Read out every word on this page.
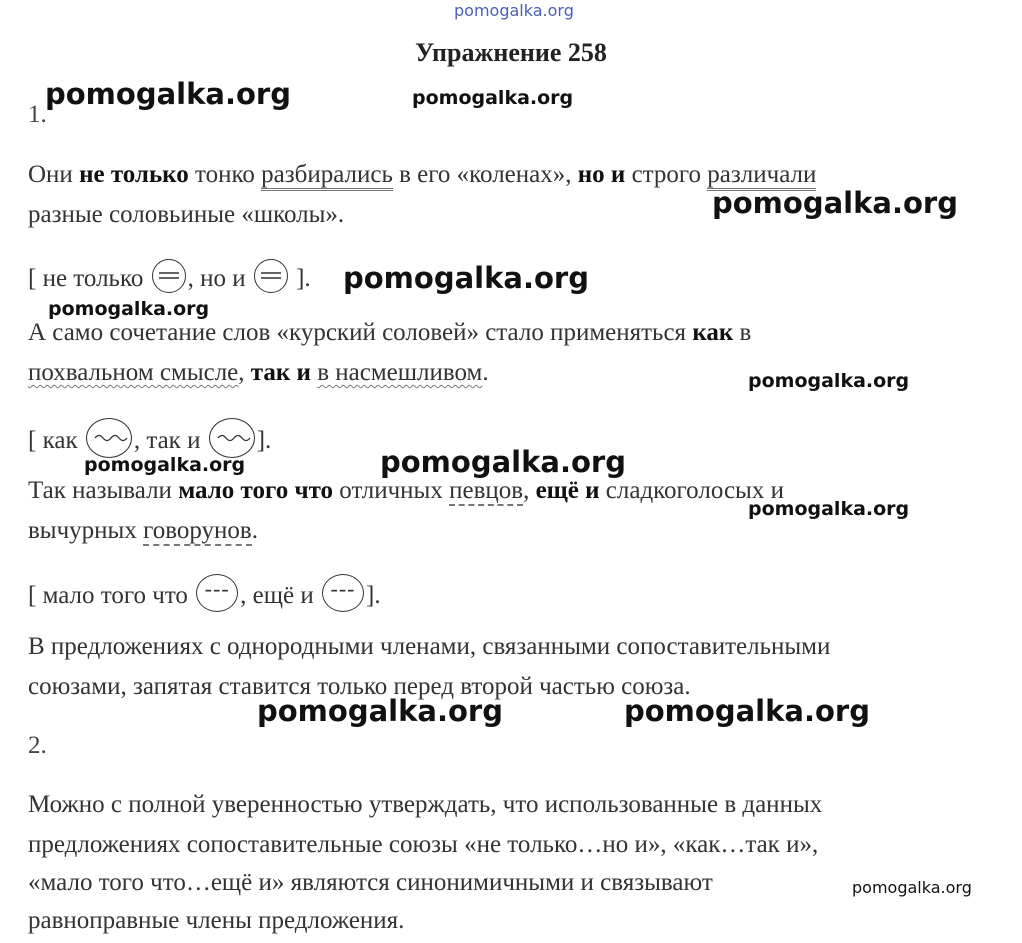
pomogalka.org
Упражнение 258
1.
pomogalka.org	pomogalka.org
Они не только тонко разбирались в его «коленах», но и строго различали
разные соловьиные «школы».	pomogalka.org
[ не только
, но и
]. pomogalka.org
pomogalka.org
А само сочетание слов «курский соловей» стало применяться как в
похвальном смысле, так и в насмешливом.	pomogalka.org
[ как
, так и
].
pomogalka.org	pomogalka.org
Так называли мало того что отличных певцов, ещё и сладкоголосых и
pomogalka.org
вычурных говорунов.
[ мало того что --- , ещё и --- ].
В предложениях с однородными членами, связанными сопоставительными
союзами, запятая ставится только перед второй частью союза.
pomogalka.org	pomogalka.org
2.
Можно с полной уверенностью утверждать, что использованные в данных
предложениях сопоставительные союзы «не только…но и», «как…так и»,
«мало того что…ещё и» являются синонимичными и связывают	pomogalka.org
равноправные члены предложения.
